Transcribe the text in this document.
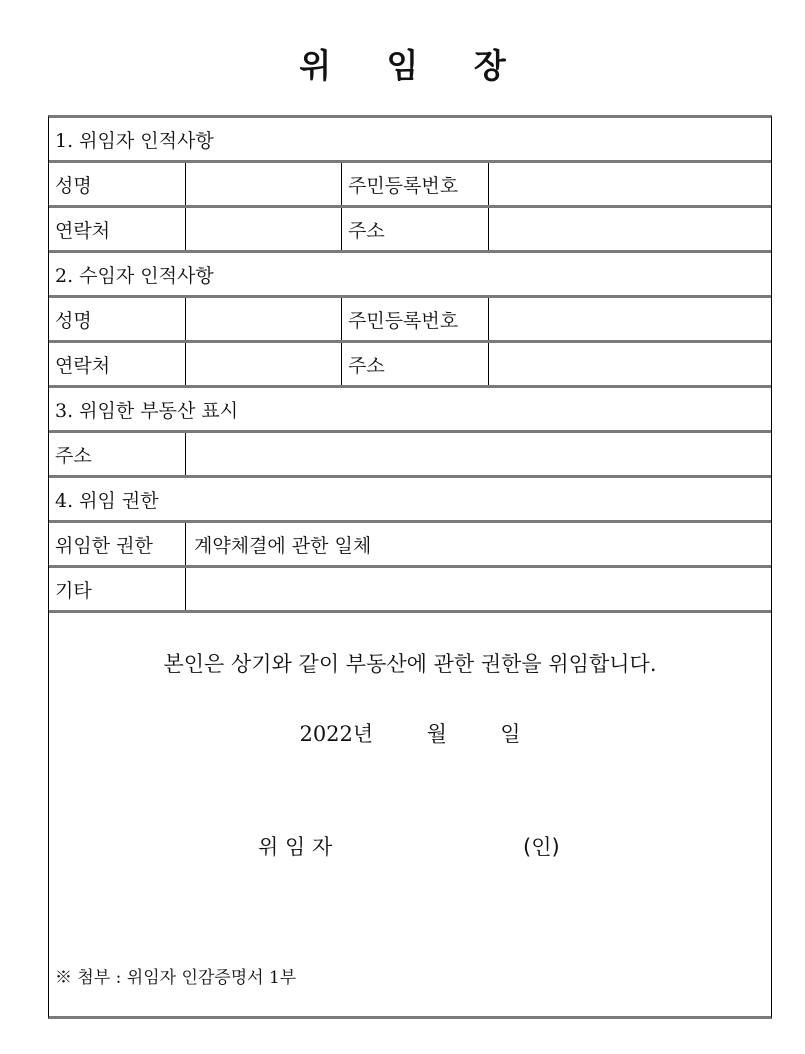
위 임 장
1. 위임자 인적사항
성명	주민등록번호
연락처	주소
2. 수임자 인적사항
성명	주민등록번호
연락처	주소
3. 위임한 부동산 표시
주소
4. 위임 권한
위임한 권한	계약체결에 관한 일체
기타
본인은 상기와 같이 부동산에 관한 권한을 위임합니다.
2022년	월	일
위 임 자	(인)
※ 첨부 : 위임자 인감증명서 1부
